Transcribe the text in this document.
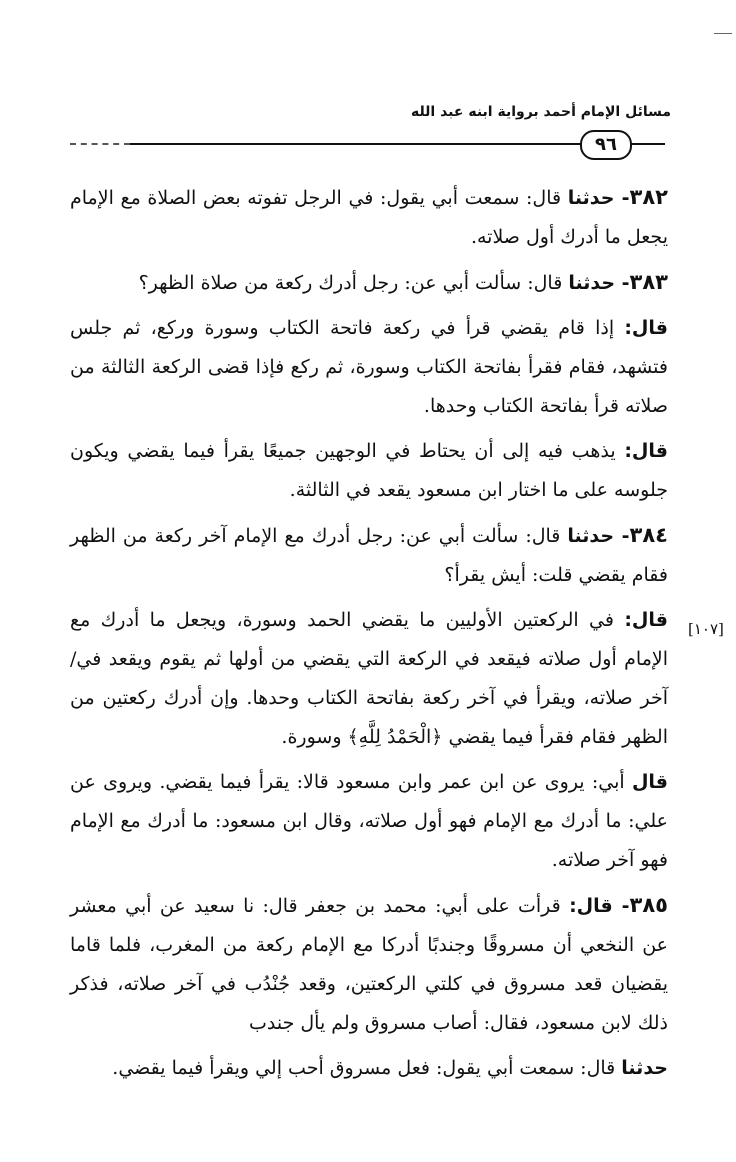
مسائل الإمام أحمد برواية ابنه عبد الله
٩٦
[١٠٧]

٣٨٢- حدثنا قال: سمعت أبي يقول: في الرجل تفوته بعض الصلاة مع الإمام يجعل ما أدرك أول صلاته.

٣٨٣- حدثنا قال: سألت أبي عن: رجل أدرك ركعة من صلاة الظهر؟

قال: إذا قام يقضي قرأ في ركعة فاتحة الكتاب وسورة وركع، ثم جلس فتشهد، فقام فقرأ بفاتحة الكتاب وسورة، ثم ركع فإذا قضى الركعة الثالثة من صلاته قرأ بفاتحة الكتاب وحدها.

قال: يذهب فيه إلى أن يحتاط في الوجهين جميعًا يقرأ فيما يقضي ويكون جلوسه على ما اختار ابن مسعود يقعد في الثالثة.

٣٨٤- حدثنا قال: سألت أبي عن: رجل أدرك مع الإمام آخر ركعة من الظهر فقام يقضي قلت: أيش يقرأ؟

قال: في الركعتين الأوليين ما يقضي الحمد وسورة، ويجعل ما أدرك مع الإمام أول صلاته فيقعد في الركعة التي يقضي من أولها ثم يقوم ويقعد في/ آخر صلاته، ويقرأ في آخر ركعة بفاتحة الكتاب وحدها. وإن أدرك ركعتين من الظهر فقام فقرأ فيما يقضي ﴿الْحَمْدُ لِلَّهِ﴾ وسورة.

قال أبي: يروى عن ابن عمر وابن مسعود قالا: يقرأ فيما يقضي. ويروى عن علي: ما أدرك مع الإمام فهو أول صلاته، وقال ابن مسعود: ما أدرك مع الإمام فهو آخر صلاته.

٣٨٥- قال: قرأت على أبي: محمد بن جعفر قال: نا سعيد عن أبي معشر عن النخعي أن مسروقًا وجندبًا أدركا مع الإمام ركعة من المغرب، فلما قاما يقضيان قعد مسروق في كلتي الركعتين، وقعد جُنْدُب في آخر صلاته، فذكر ذلك لابن مسعود، فقال: أصاب مسروق ولم يأل جندب

حدثنا قال: سمعت أبي يقول: فعل مسروق أحب إلي ويقرأ فيما يقضي.
